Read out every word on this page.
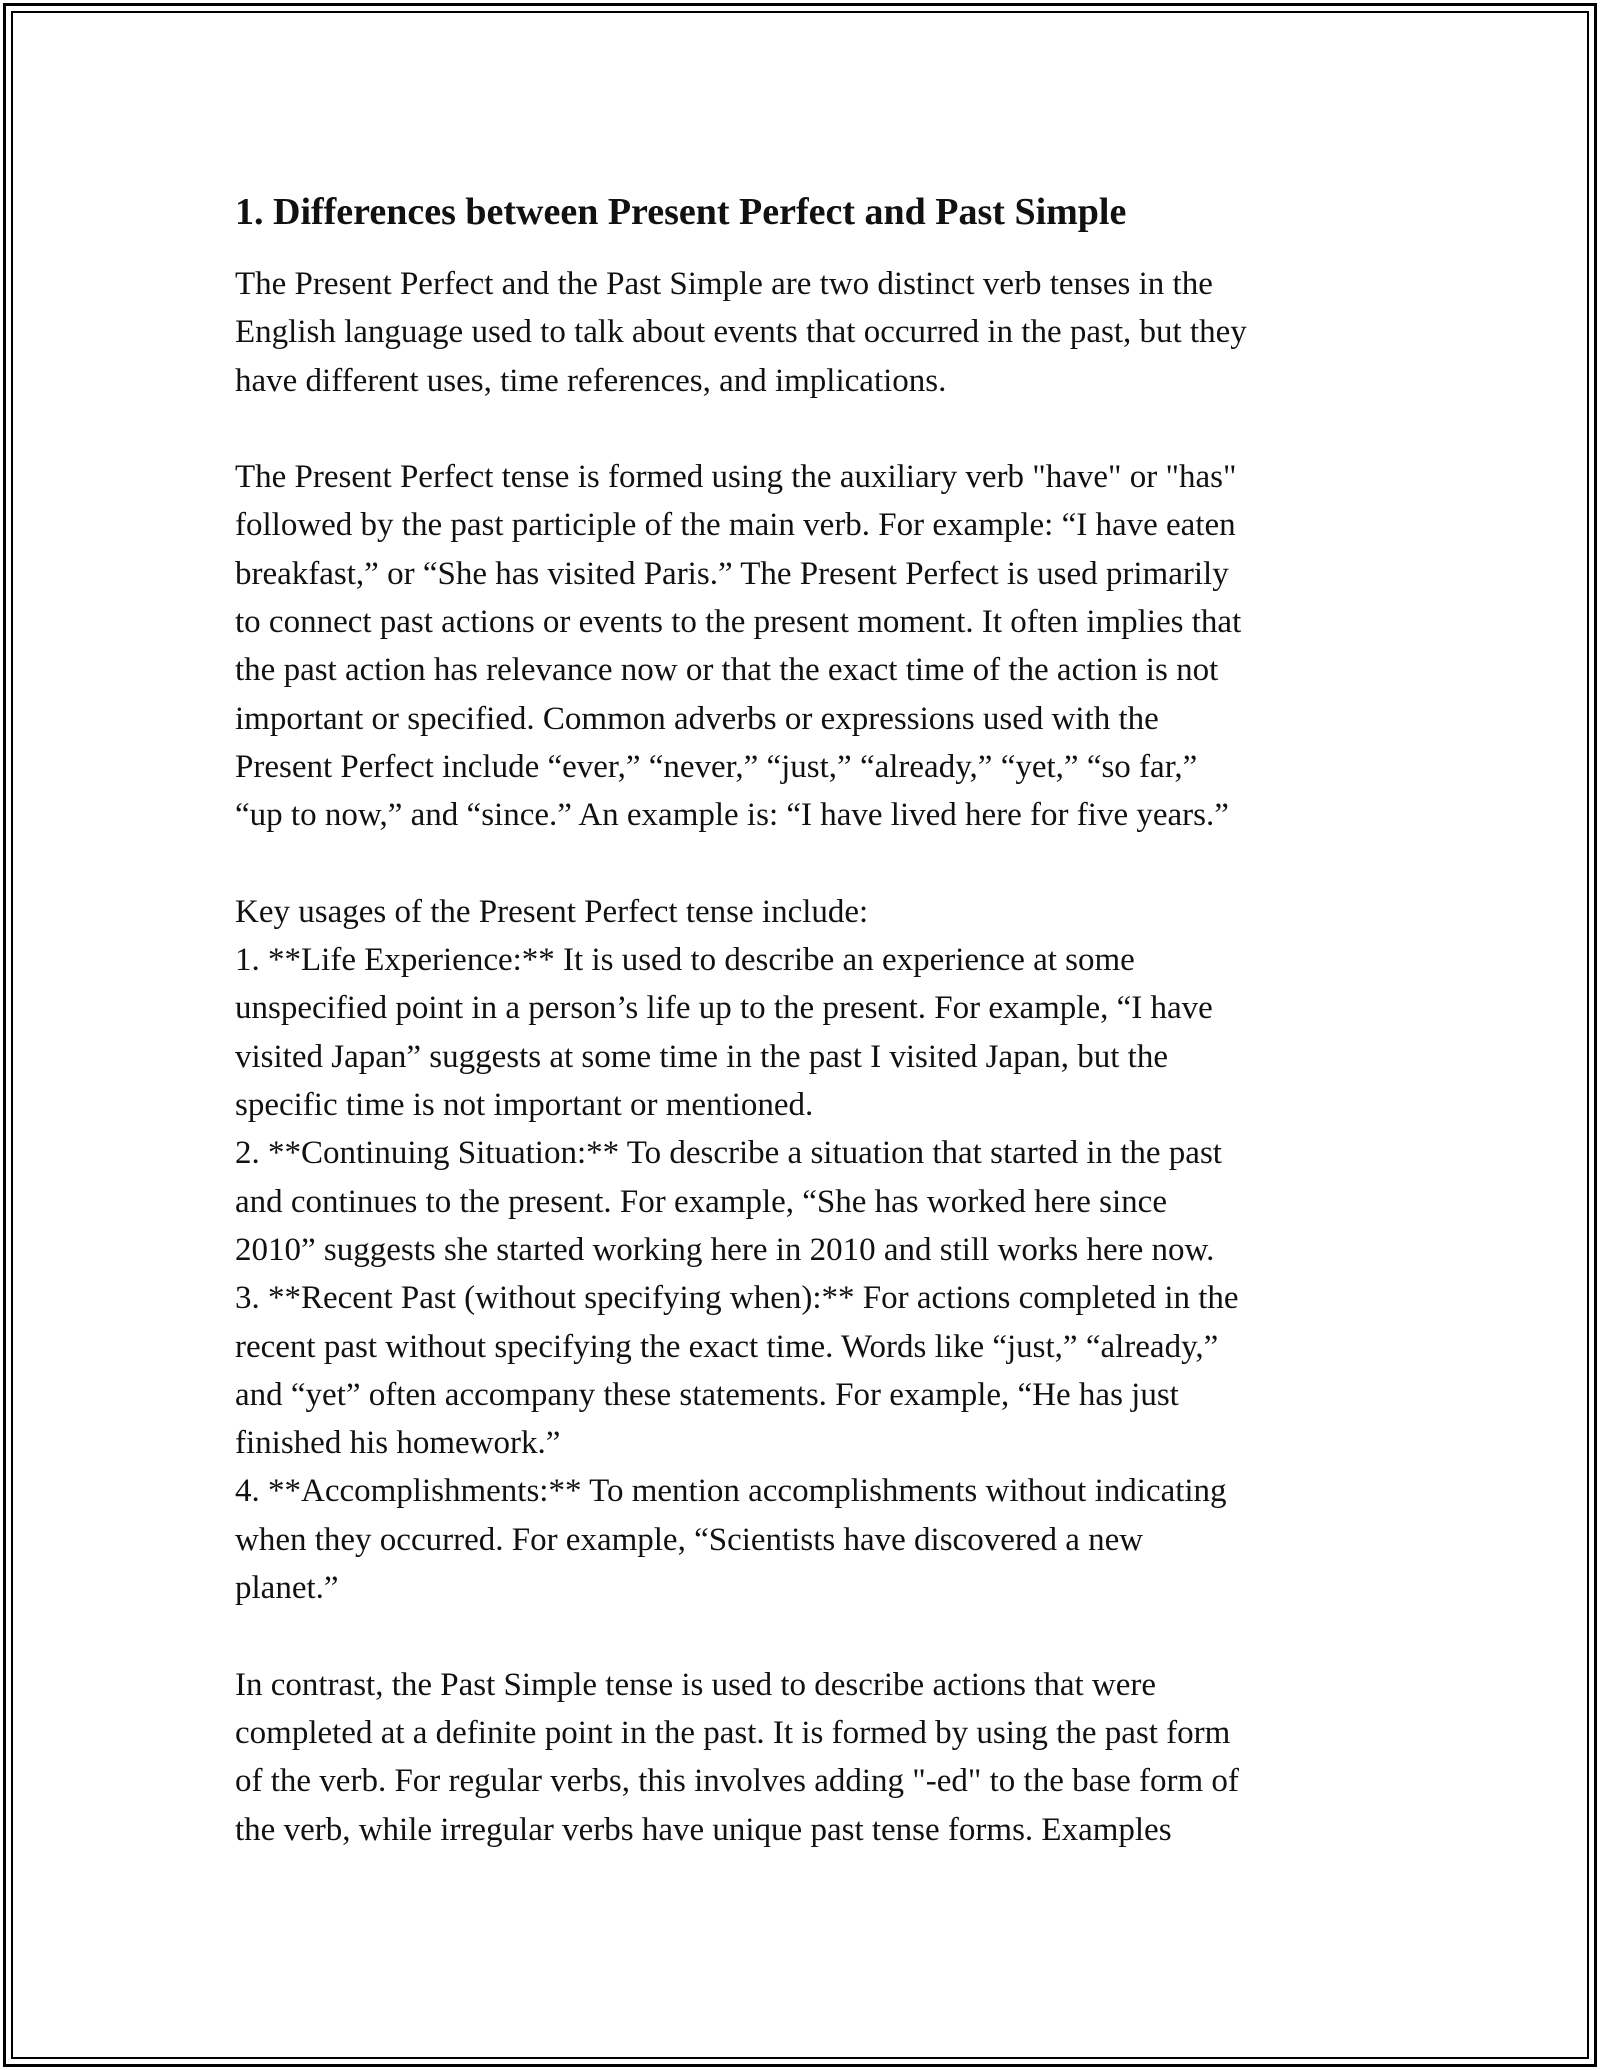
1. Differences between Present Perfect and Past Simple

The Present Perfect and the Past Simple are two distinct verb tenses in the
English language used to talk about events that occurred in the past, but they
have different uses, time references, and implications.

The Present Perfect tense is formed using the auxiliary verb "have" or "has"
followed by the past participle of the main verb. For example: “I have eaten
breakfast,” or “She has visited Paris.” The Present Perfect is used primarily
to connect past actions or events to the present moment. It often implies that
the past action has relevance now or that the exact time of the action is not
important or specified. Common adverbs or expressions used with the
Present Perfect include “ever,” “never,” “just,” “already,” “yet,” “so far,”
“up to now,” and “since.” An example is: “I have lived here for five years.”

Key usages of the Present Perfect tense include:
1. **Life Experience:** It is used to describe an experience at some
unspecified point in a person’s life up to the present. For example, “I have
visited Japan” suggests at some time in the past I visited Japan, but the
specific time is not important or mentioned.
2. **Continuing Situation:** To describe a situation that started in the past
and continues to the present. For example, “She has worked here since
2010” suggests she started working here in 2010 and still works here now.
3. **Recent Past (without specifying when):** For actions completed in the
recent past without specifying the exact time. Words like “just,” “already,”
and “yet” often accompany these statements. For example, “He has just
finished his homework.”
4. **Accomplishments:** To mention accomplishments without indicating
when they occurred. For example, “Scientists have discovered a new
planet.”

In contrast, the Past Simple tense is used to describe actions that were
completed at a definite point in the past. It is formed by using the past form
of the verb. For regular verbs, this involves adding "-ed" to the base form of
the verb, while irregular verbs have unique past tense forms. Examples
